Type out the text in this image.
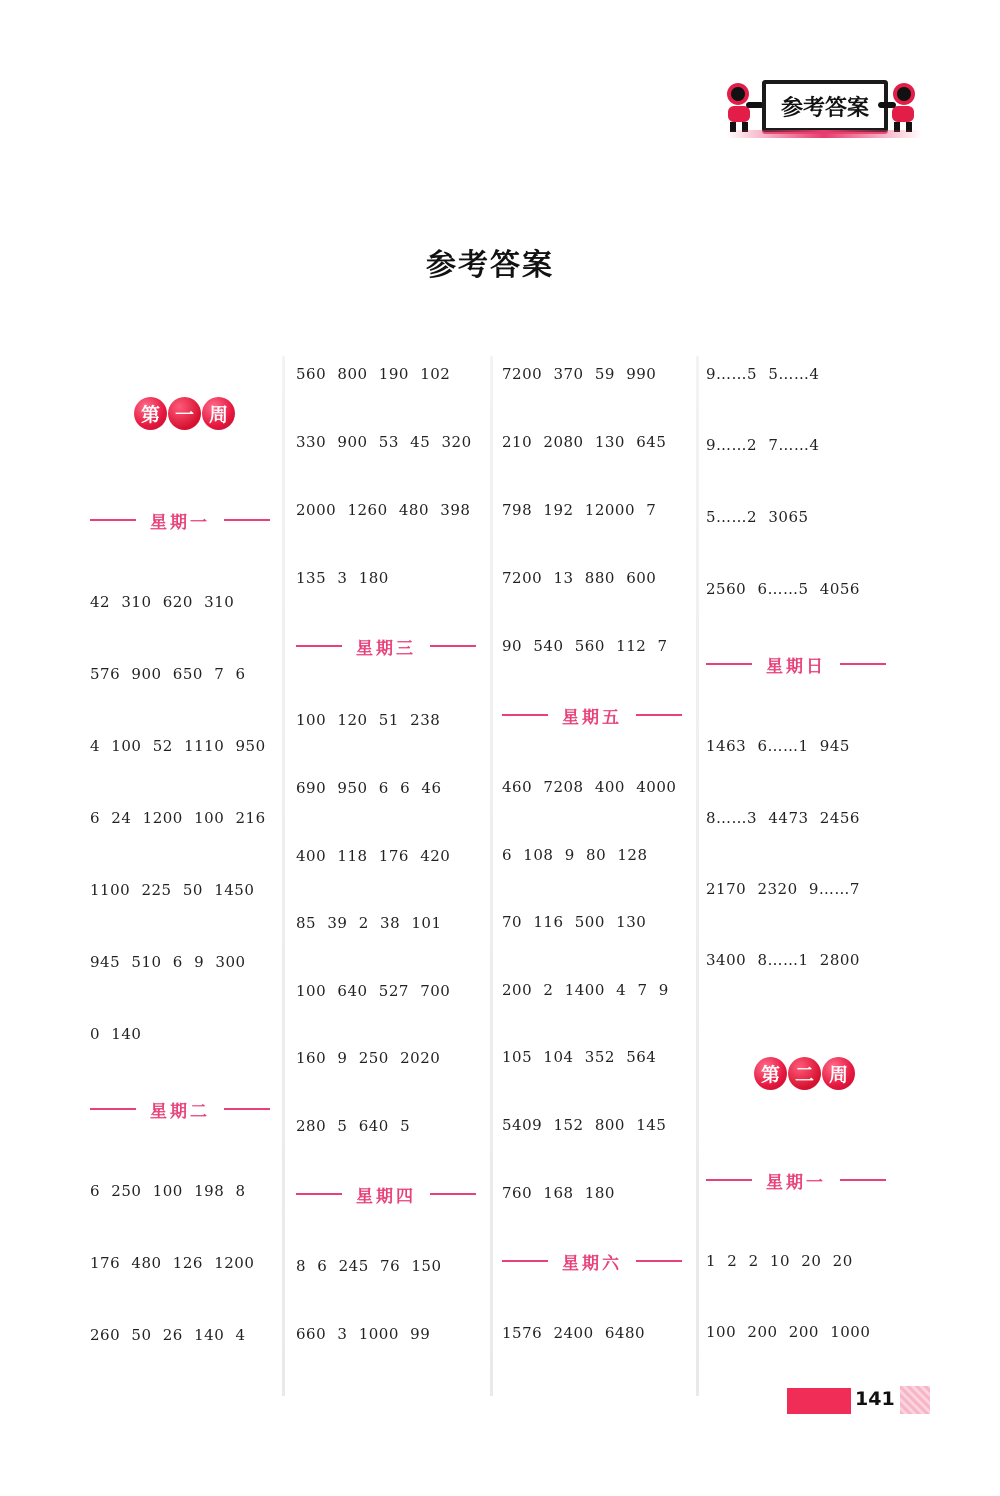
参考答案
参考答案
第 一 周
星期一
42 310 620 310
576 900 650 7 6
4 100 52 1110 950
6 24 1200 100 216
1100 225 50 1450
945 510 6 9 300
0 140
星期二
6 250 100 198 8
176 480 126 1200
260 50 26 140 4
560 800 190 102
330 900 53 45 320
2000 1260 480 398
135 3 180
星期三
100 120 51 238
690 950 6 6 46
400 118 176 420
85 39 2 38 101
100 640 527 700
160 9 250 2020
280 5 640 5
星期四
8 6 245 76 150
660 3 1000 99
7200 370 59 990
210 2080 130 645
798 192 12000 7
7200 13 880 600
90 540 560 112 7
星期五
460 7208 400 4000
6 108 9 80 128
70 116 500 130
200 2 1400 4 7 9
105 104 352 564
5409 152 800 145
760 168 180
星期六
1576 2400 6480
9……5 5……4
9……2 7……4
5……2 3065
2560 6……5 4056
星期日
1463 6……1 945
8……3 4473 2456
2170 2320 9……7
3400 8……1 2800
第 二 周
星期一
1 2 2 10 20 20
100 200 200 1000
141
